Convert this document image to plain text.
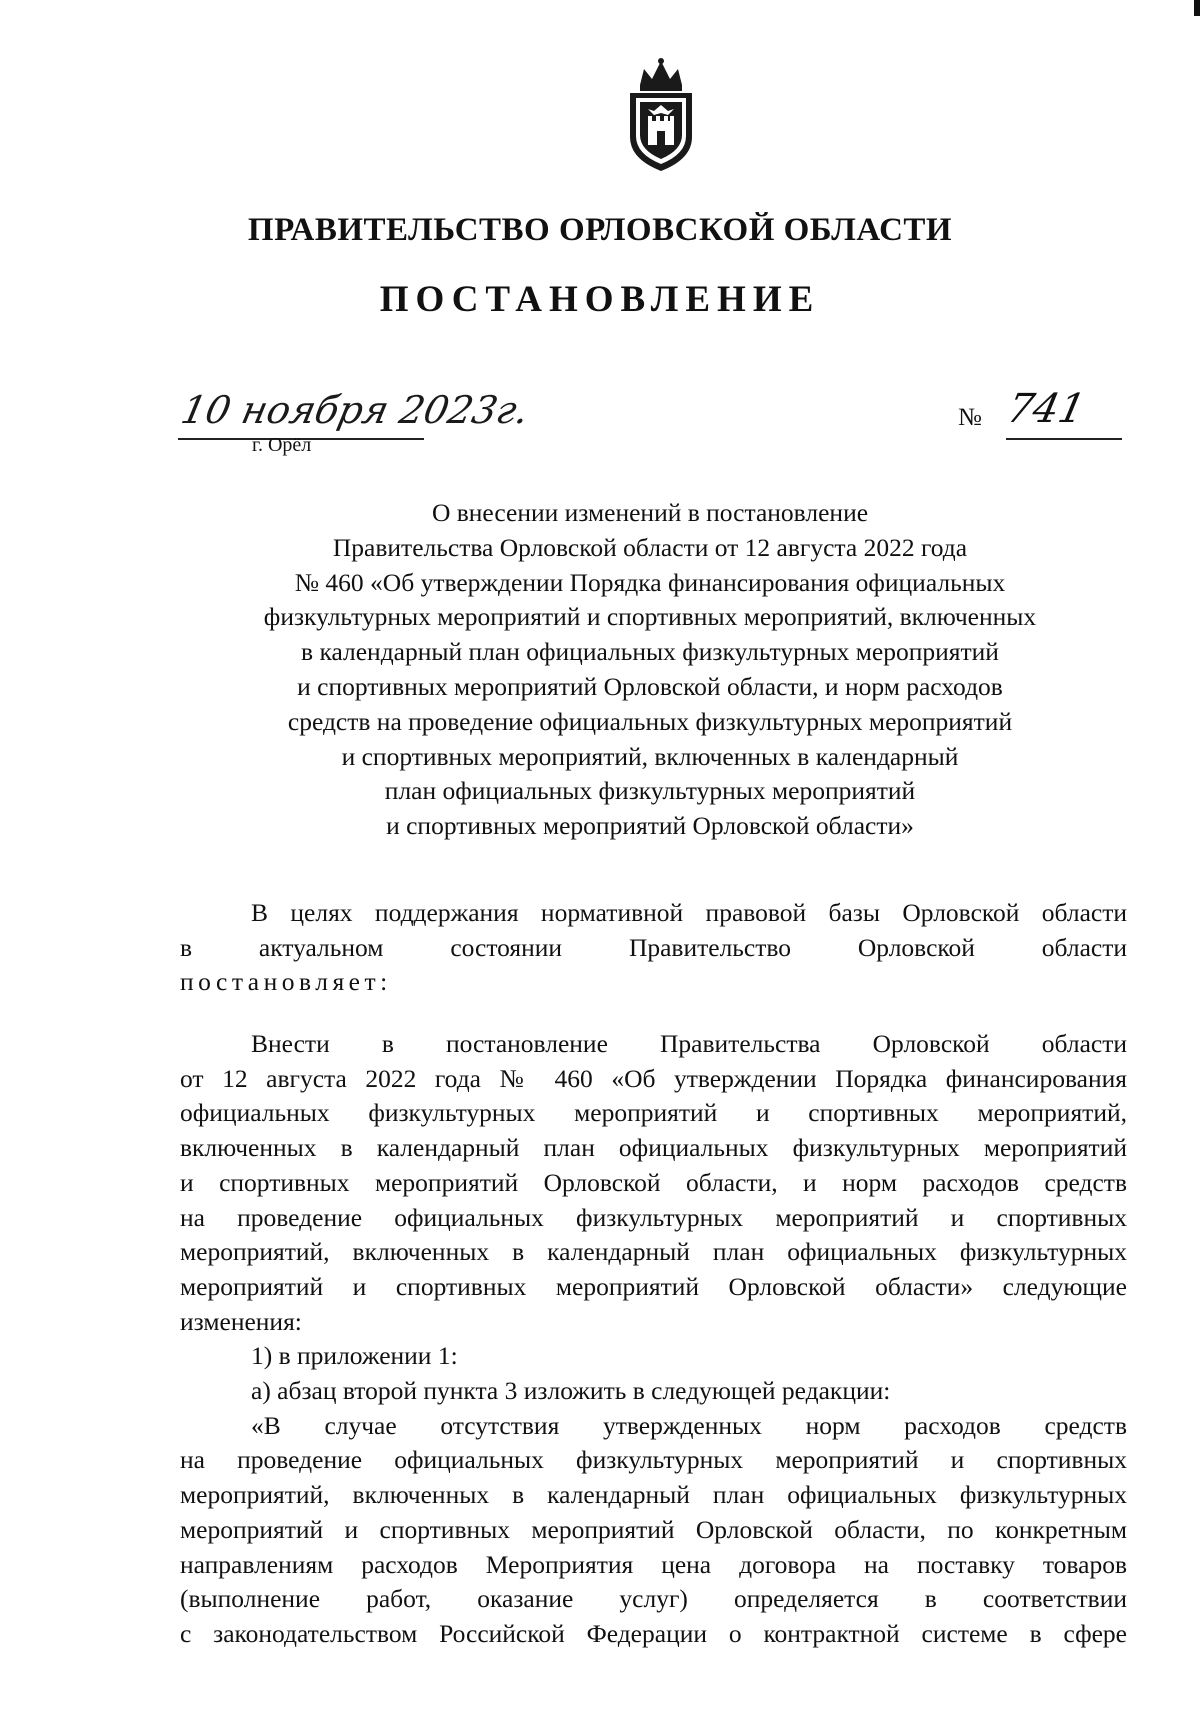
ПРАВИТЕЛЬСТВО ОРЛОВСКОЙ ОБЛАСТИ
ПОСТАНОВЛЕНИЕ
10 ноября 2023г.
г. Орёл
№ 741
О внесении изменений в постановление
Правительства Орловской области от 12 августа 2022 года
№ 460 «Об утверждении Порядка финансирования официальных
физкультурных мероприятий и спортивных мероприятий, включенных
в календарный план официальных физкультурных мероприятий
и спортивных мероприятий Орловской области, и норм расходов
средств на проведение официальных физкультурных мероприятий
и спортивных мероприятий, включенных в календарный
план официальных физкультурных мероприятий
и спортивных мероприятий Орловской области»
В целях поддержания нормативной правовой базы Орловской области
в актуальном состоянии Правительство Орловской области
постановляет:
Внести в постановление Правительства Орловской области
от 12 августа 2022 года № 460 «Об утверждении Порядка финансирования
официальных физкультурных мероприятий и спортивных мероприятий,
включенных в календарный план официальных физкультурных мероприятий
и спортивных мероприятий Орловской области, и норм расходов средств
на проведение официальных физкультурных мероприятий и спортивных
мероприятий, включенных в календарный план официальных физкультурных
мероприятий и спортивных мероприятий Орловской области» следующие
изменения:
1) в приложении 1:
а) абзац второй пункта 3 изложить в следующей редакции:
«В случае отсутствия утвержденных норм расходов средств
на проведение официальных физкультурных мероприятий и спортивных
мероприятий, включенных в календарный план официальных физкультурных
мероприятий и спортивных мероприятий Орловской области, по конкретным
направлениям расходов Мероприятия цена договора на поставку товаров
(выполнение работ, оказание услуг) определяется в соответствии
с законодательством Российской Федерации о контрактной системе в сфере
